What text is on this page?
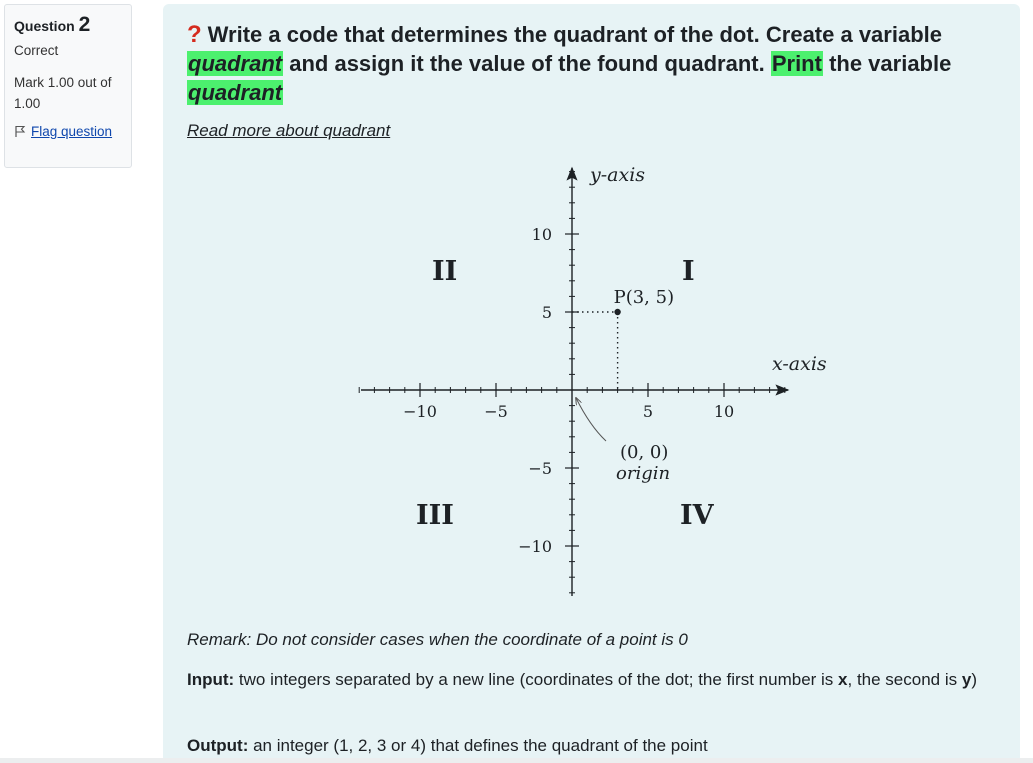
Question 2
Correct
Mark 1.00 out of 1.00
Flag question

? Write a code that determines the quadrant of the dot. Create a variable quadrant and assign it the value of the found quadrant. Print the variable quadrant

Read more about quadrant
−10	−5	5	10
10
5
−5
−10
y-axis
x-axis
I
II
III	IV
P(3, 5)
(0, 0)
origin
Remark: Do not consider cases when the coordinate of a point is 0
Input: two integers separated by a new line (coordinates of the dot; the first number is x, the second is y)
Output: an integer (1, 2, 3 or 4) that defines the quadrant of the point
